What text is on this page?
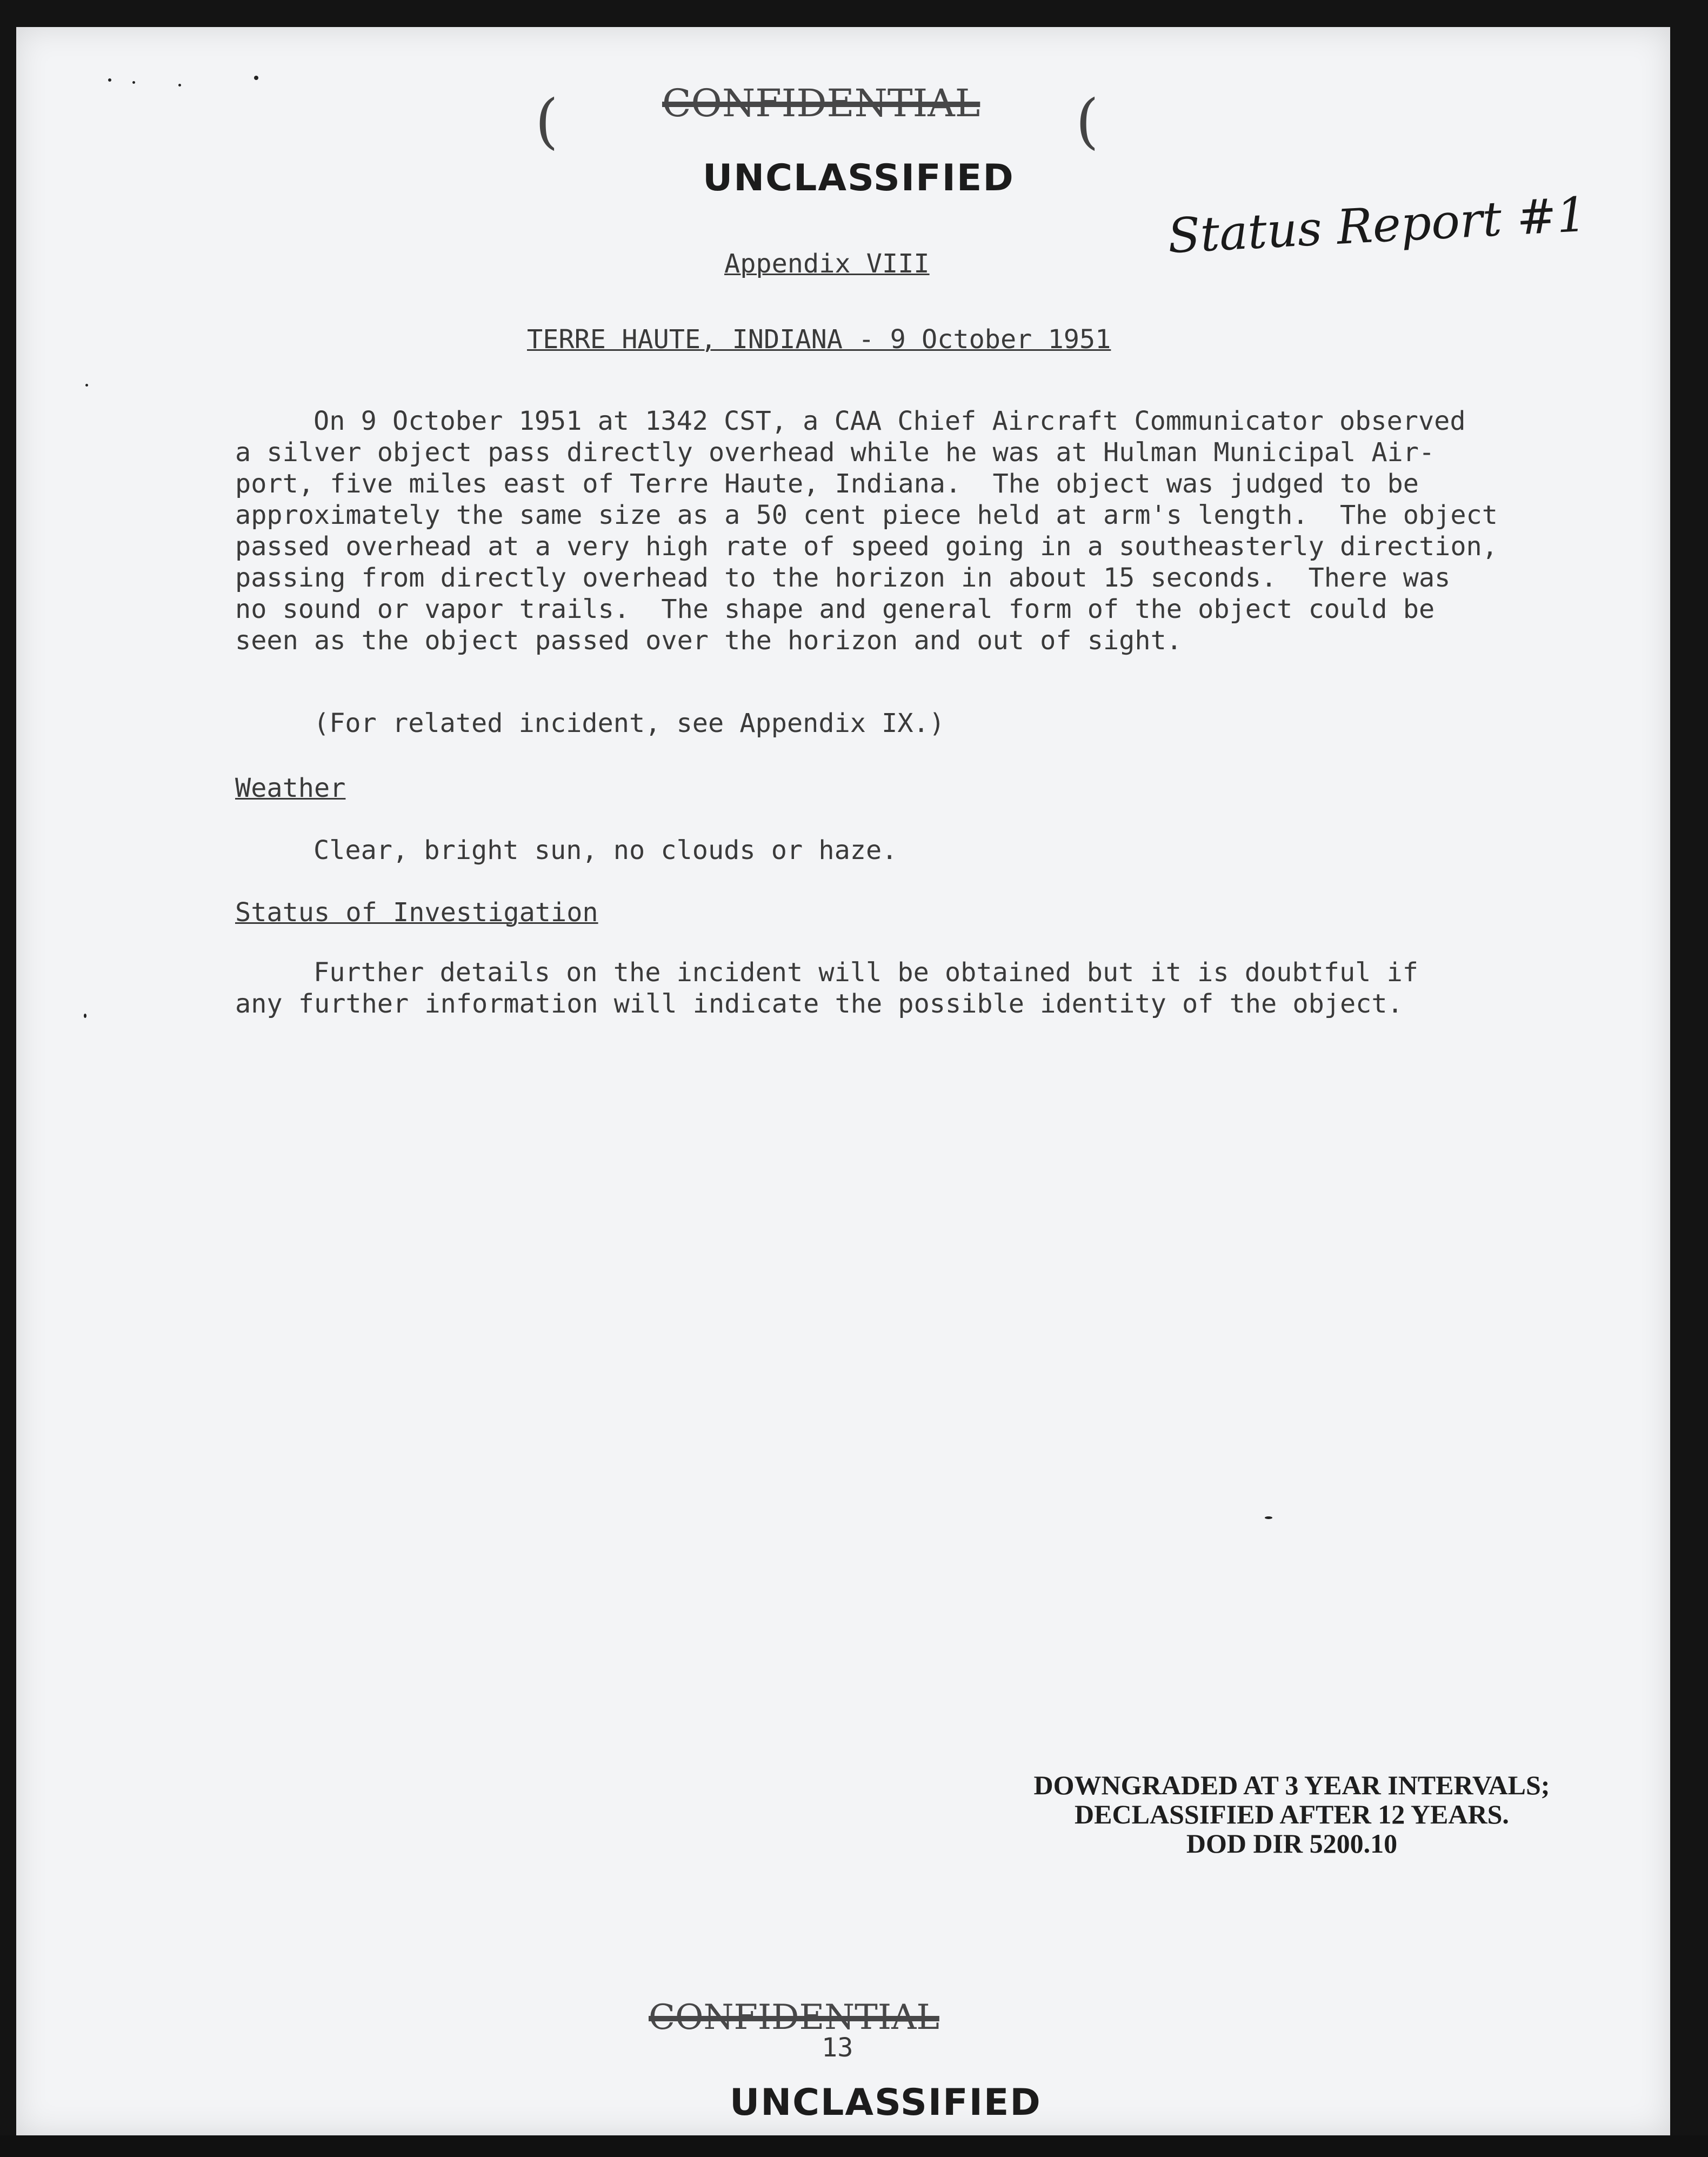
(	(
CONFIDENTIAL
UNCLASSIFIED
Status Report #1
Appendix VIII
TERRE HAUTE, INDIANA - 9 October 1951
On 9 October 1951 at 1342 CST, a CAA Chief Aircraft Communicator observed
a silver object pass directly overhead while he was at Hulman Municipal Air-
port, five miles east of Terre Haute, Indiana.  The object was judged to be
approximately the same size as a 50 cent piece held at arm's length.  The object
passed overhead at a very high rate of speed going in a southeasterly direction,
passing from directly overhead to the horizon in about 15 seconds.  There was
no sound or vapor trails.  The shape and general form of the object could be
seen as the object passed over the horizon and out of sight.
(For related incident, see Appendix IX.)
Weather
Clear, bright sun, no clouds or haze.
Status of Investigation
Further details on the incident will be obtained but it is doubtful if
any further information will indicate the possible identity of the object.
DOWNGRADED AT 3 YEAR INTERVALS;
DECLASSIFIED AFTER 12 YEARS.
DOD DIR 5200.10
CONFIDENTIAL
13
UNCLASSIFIED
